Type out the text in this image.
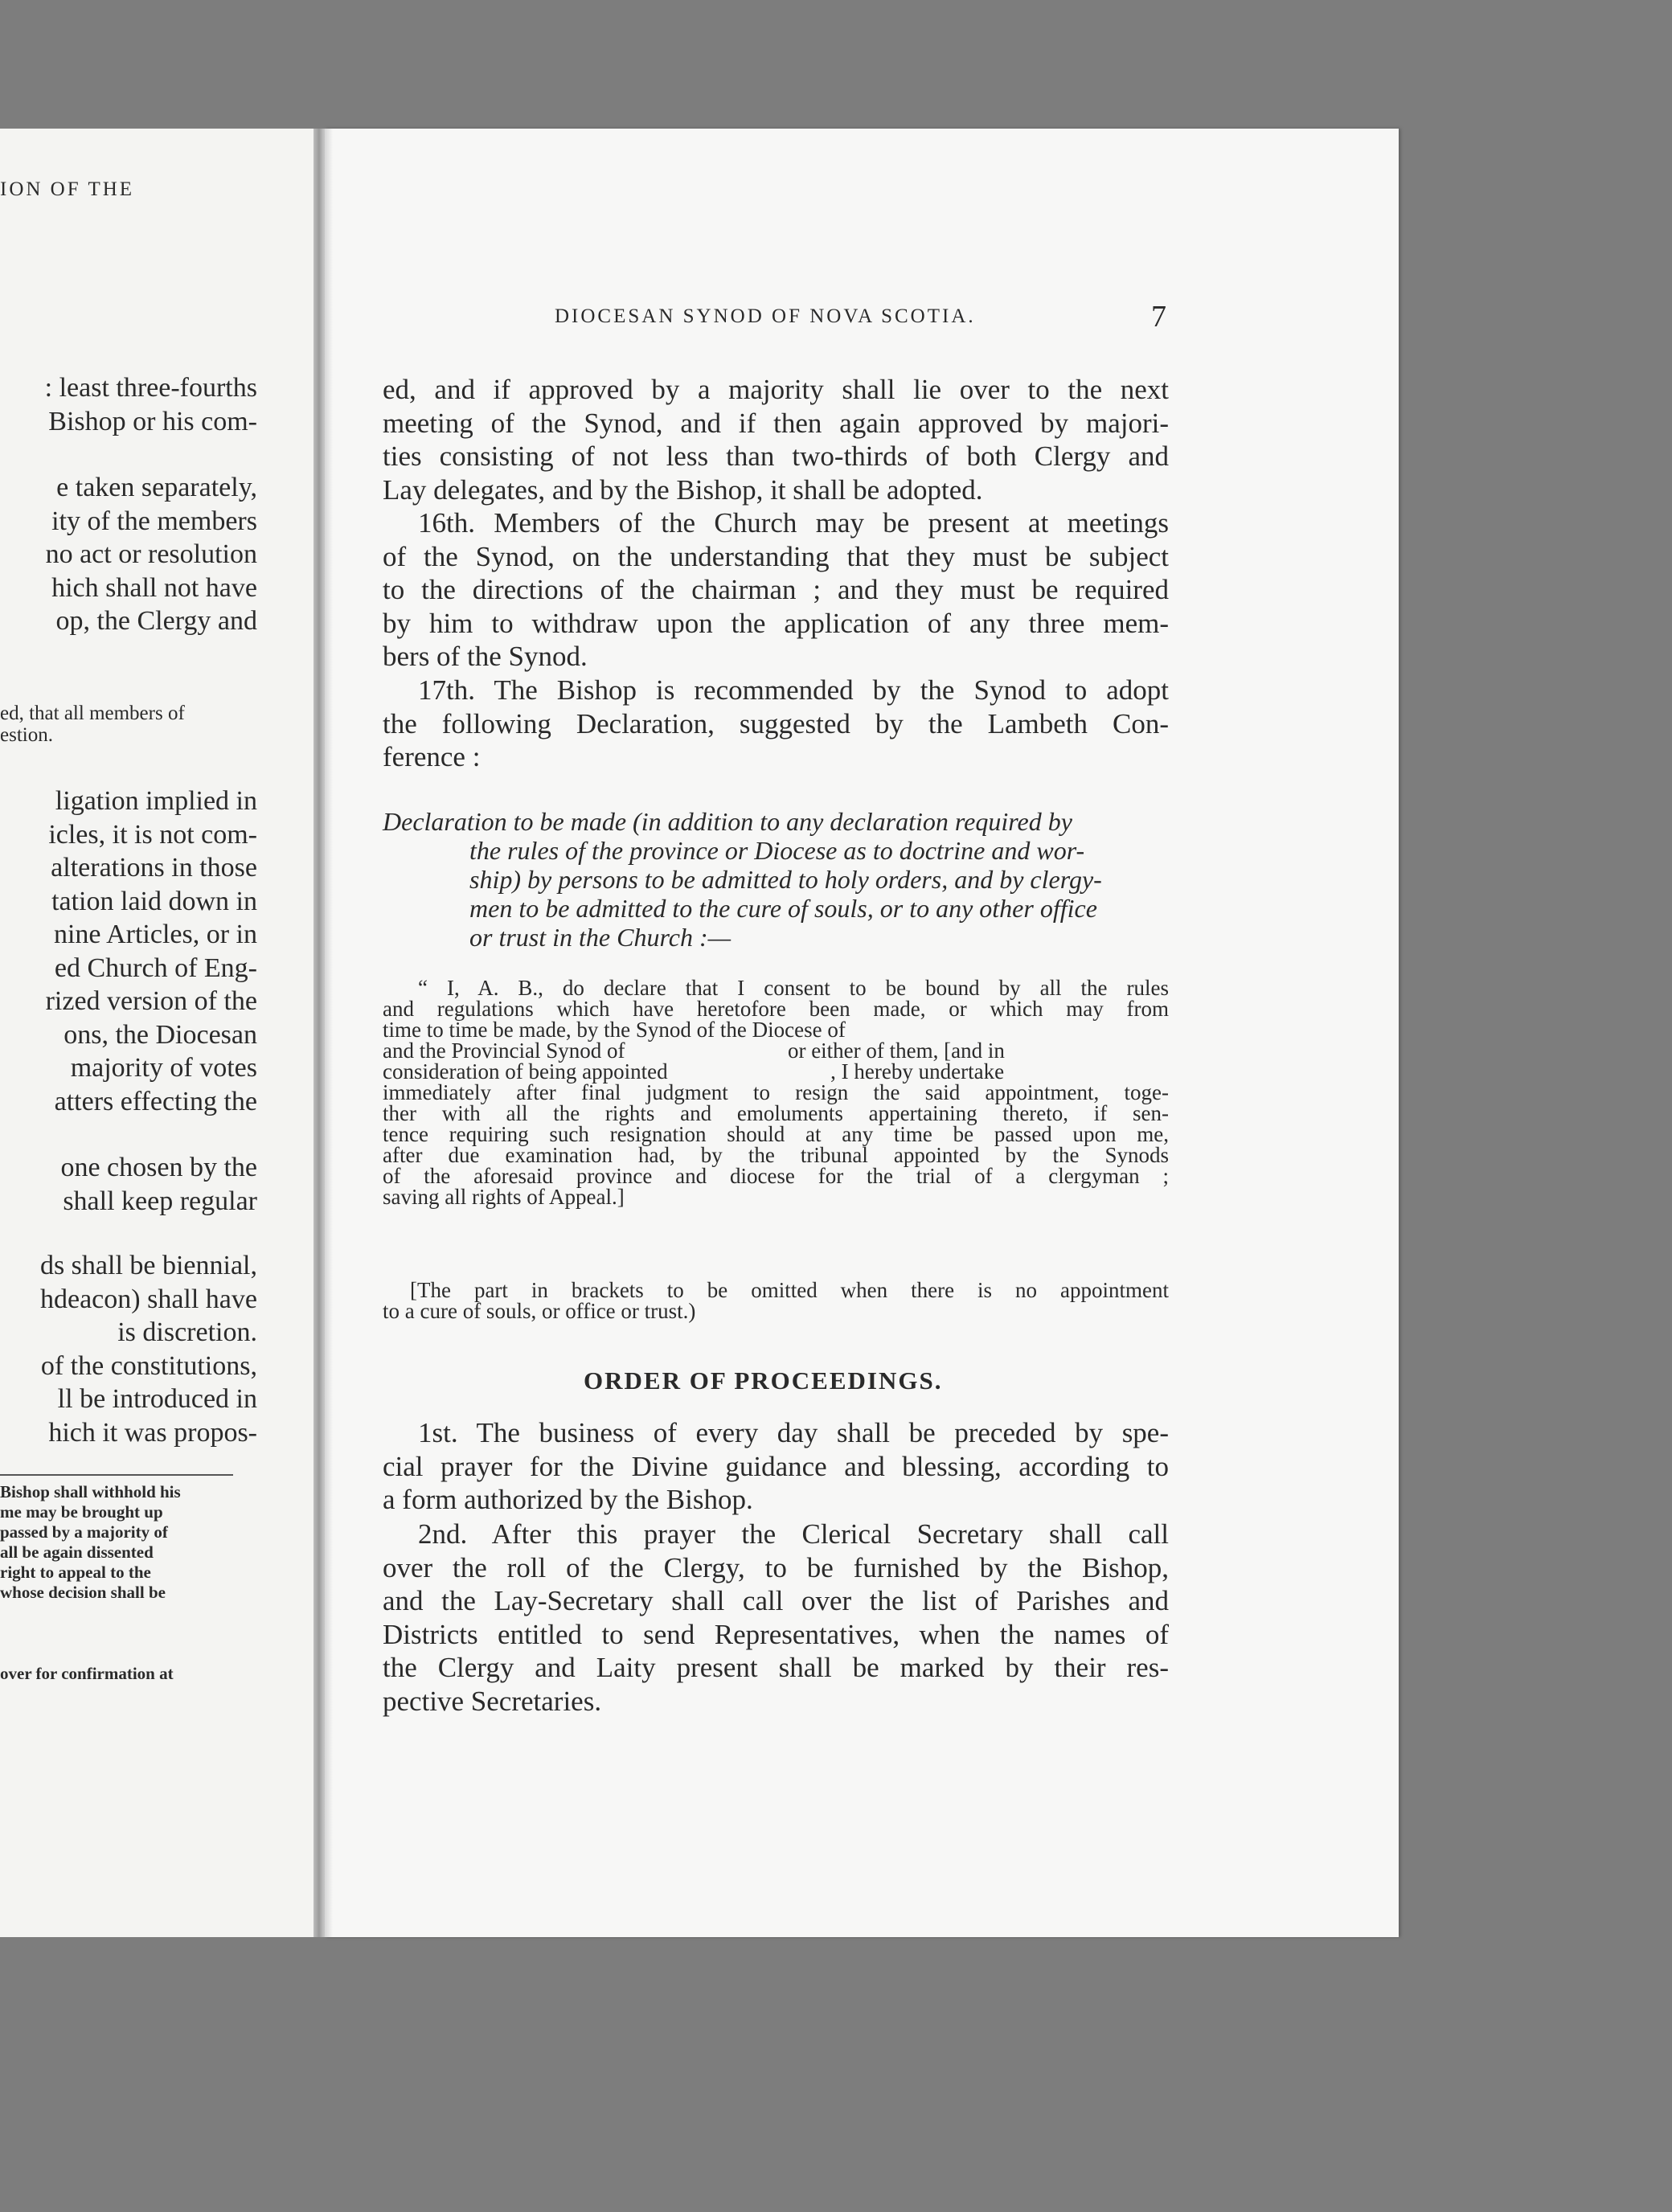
ION OF THE
: least three-fourths
Bishop or his com-
e taken separately,
ity of the members
no act or resolution
hich shall not have
op, the Clergy and
ed, that all members of
estion.
ligation implied in
icles, it is not com-
alterations in those
tation laid down in
nine Articles, or in
ed Church of Eng-
rized version of the
ons, the Diocesan
majority of votes
atters effecting the
one chosen by the
shall keep regular
ds shall be biennial,
hdeacon) shall have
is discretion.
of the constitutions,
ll be introduced in
hich it was propos-
Bishop shall withhold his
me may be brought up
passed by a majority of
all be again dissented
right to appeal to the
whose decision shall be
over for confirmation at
DIOCESAN SYNOD OF NOVA SCOTIA.	7

ed, and if approved by a majority shall lie over to the next
meeting of the Synod, and if then again approved by majori-
ties consisting of not less than two-thirds of both Clergy and
Lay delegates, and by the Bishop, it shall be adopted.

16th. Members of the Church may be present at meetings
of the Synod, on the understanding that they must be subject
to the directions of the chairman ; and they must be required
by him to withdraw upon the application of any three mem-
bers of the Synod.

17th. The Bishop is recommended by the Synod to adopt
the following Declaration, suggested by the Lambeth Con-
ference :

Declaration to be made (in addition to any declaration required by
the rules of the province or Diocese as to doctrine and wor-
ship) by persons to be admitted to holy orders, and by clergy-
men to be admitted to the cure of souls, or to any other office
or trust in the Church :—
“ I, A. B., do declare that I consent to be bound by all the rules
and regulations which have heretofore been made, or which may from
time to time be made, by the Synod of the Diocese of
and the Provincial Synod of                              or either of them, [and in
consideration of being appointed                              , I hereby undertake
immediately after final judgment to resign the said appointment, toge-
ther with all the rights and emoluments appertaining thereto, if sen-
tence requiring such resignation should at any time be passed upon me,
after due examination had, by the tribunal appointed by the Synods
of the aforesaid province and diocese for the trial of a clergyman ;
saving all rights of Appeal.]
[The part in brackets to be omitted when there is no appointment
to a cure of souls, or office or trust.)
ORDER OF PROCEEDINGS.

1st. The business of every day shall be preceded by spe-
cial prayer for the Divine guidance and blessing, according to
a form authorized by the Bishop.

2nd. After this prayer the Clerical Secretary shall call
over the roll of the Clergy, to be furnished by the Bishop,
and the Lay-Secretary shall call over the list of Parishes and
Districts entitled to send Representatives, when the names of
the Clergy and Laity present shall be marked by their res-
pective Secretaries.
